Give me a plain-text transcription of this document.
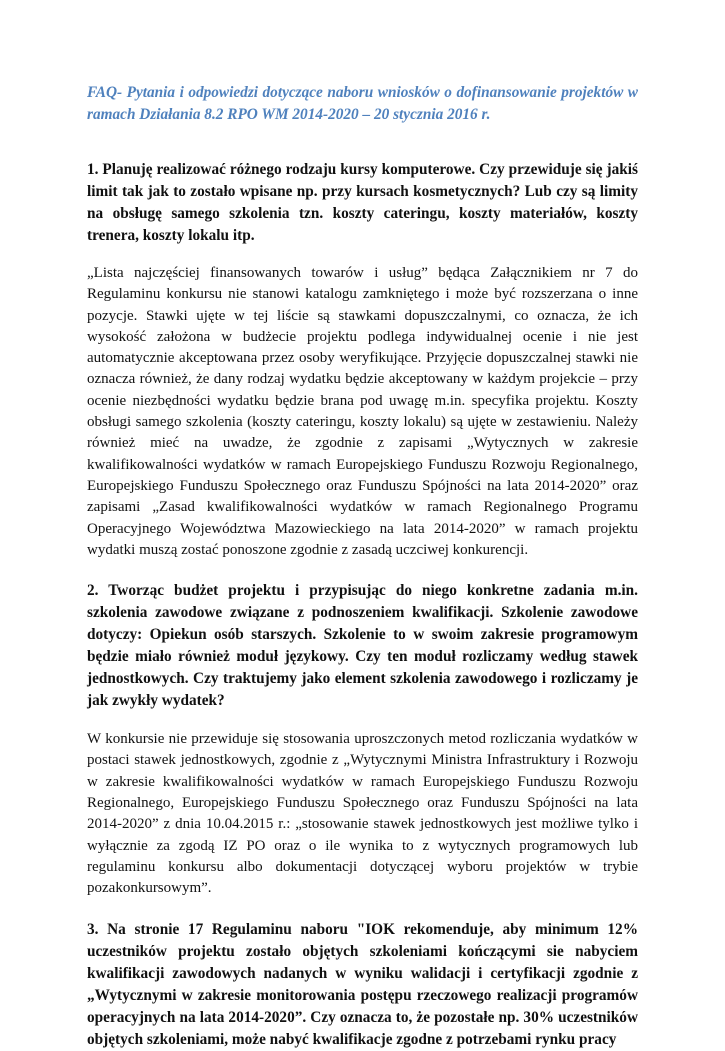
FAQ- Pytania i odpowiedzi dotyczące naboru wniosków o dofinansowanie projektów w ramach Działania 8.2 RPO WM 2014-2020 – 20 stycznia 2016 r.

1. Planuję realizować różnego rodzaju kursy komputerowe. Czy przewiduje się jakiś limit tak jak to zostało wpisane np. przy kursach kosmetycznych? Lub czy są limity na obsługę samego szkolenia tzn. koszty cateringu, koszty materiałów, koszty trenera, koszty lokalu itp.

„Lista najczęściej finansowanych towarów i usług” będąca Załącznikiem nr 7 do Regulaminu konkursu nie stanowi katalogu zamkniętego i może być rozszerzana o inne pozycje. Stawki ujęte w tej liście są stawkami dopuszczalnymi, co oznacza, że ich wysokość założona w budżecie projektu podlega indywidualnej ocenie i nie jest automatycznie akceptowana przez osoby weryfikujące. Przyjęcie dopuszczalnej stawki nie oznacza również, że dany rodzaj wydatku będzie akceptowany w każdym projekcie – przy ocenie niezbędności wydatku będzie brana pod uwagę m.in. specyfika projektu. Koszty obsługi samego szkolenia (koszty cateringu, koszty lokalu) są ujęte w zestawieniu. Należy również mieć na uwadze, że zgodnie z zapisami „Wytycznych w zakresie kwalifikowalności wydatków w ramach Europejskiego Funduszu Rozwoju Regionalnego, Europejskiego Funduszu Społecznego oraz Funduszu Spójności na lata 2014-2020” oraz zapisami „Zasad kwalifikowalności wydatków w ramach Regionalnego Programu Operacyjnego Województwa Mazowieckiego na lata 2014-2020” w ramach projektu wydatki muszą zostać ponoszone zgodnie z zasadą uczciwej konkurencji.

2. Tworząc budżet projektu i przypisując do niego konkretne zadania m.in. szkolenia zawodowe związane z podnoszeniem kwalifikacji. Szkolenie zawodowe dotyczy: Opiekun osób starszych. Szkolenie to w swoim zakresie programowym będzie miało również moduł językowy. Czy ten moduł rozliczamy według stawek jednostkowych. Czy traktujemy jako element szkolenia zawodowego i rozliczamy je jak zwykły wydatek?

W konkursie nie przewiduje się stosowania uproszczonych metod rozliczania wydatków w postaci stawek jednostkowych, zgodnie z „Wytycznymi Ministra Infrastruktury i Rozwoju w zakresie kwalifikowalności wydatków w ramach Europejskiego Funduszu Rozwoju Regionalnego, Europejskiego Funduszu Społecznego oraz Funduszu Spójności na lata 2014-2020” z dnia 10.04.2015 r.: „stosowanie stawek jednostkowych jest możliwe tylko i wyłącznie za zgodą IZ PO oraz o ile wynika to z wytycznych programowych lub regulaminu konkursu albo dokumentacji dotyczącej wyboru projektów w trybie pozakonkursowym”.

3. Na stronie 17 Regulaminu naboru "IOK rekomenduje, aby minimum 12% uczestników projektu zostało objętych szkoleniami kończącymi sie nabyciem kwalifikacji zawodowych nadanych w wyniku walidacji i certyfikacji zgodnie z „Wytycznymi w zakresie monitorowania postępu rzeczowego realizacji programów operacyjnych na lata 2014-2020”. Czy oznacza to, że pozostałe np. 30% uczestników objętych szkoleniami, może nabyć kwalifikacje zgodne z potrzebami rynku pracy
